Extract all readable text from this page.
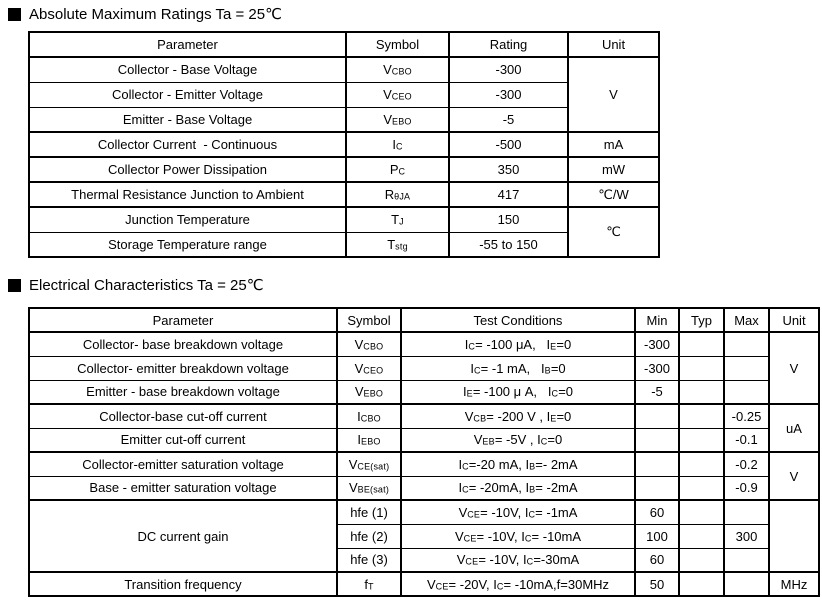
Absolute Maximum Ratings Ta = 25℃
Parameter	Symbol	Rating	Unit
Collector - Base Voltage	VCBO	-300	V
Collector - Emitter Voltage	VCEO	-300	
Emitter - Base Voltage	VEBO	-5	
Collector Current  - Continuous	IC	-500	mA
Collector Power Dissipation	PC	350	mW
Thermal Resistance Junction to Ambient	RθJA	417	℃/W
Junction Temperature	TJ	150	℃
Storage Temperature range	Tstg	-55 to 150	
Electrical Characteristics Ta = 25℃
Parameter	Symbol	Test Conditions	Min	Typ	Max	Unit
Collector- base breakdown voltage	VCBO	IC= -100 μA,   IE=0	-300			V
Collector- emitter breakdown voltage	VCEO	IC= -1 mA,   IB=0	-300			
Emitter - base breakdown voltage	VEBO	IE= -100 μ A,   IC=0	-5			
Collector-base cut-off current	ICBO	VCB= -200 V , IE=0			-0.25	uA
Emitter cut-off current	IEBO	VEB= -5V , IC=0			-0.1	
Collector-emitter saturation voltage	VCE(sat)	IC=-20 mA, IB=- 2mA			-0.2	V
Base - emitter saturation voltage	VBE(sat)	IC= -20mA, IB= -2mA			-0.9	
DC current gain	hfe (1)	VCE= -10V, IC= -1mA	60			
	hfe (2)	VCE= -10V, IC= -10mA	100		300	
	hfe (3)	VCE= -10V, IC=-30mA	60			
Transition frequency	fT	VCE= -20V, IC= -10mA,f=30MHz	50			MHz
